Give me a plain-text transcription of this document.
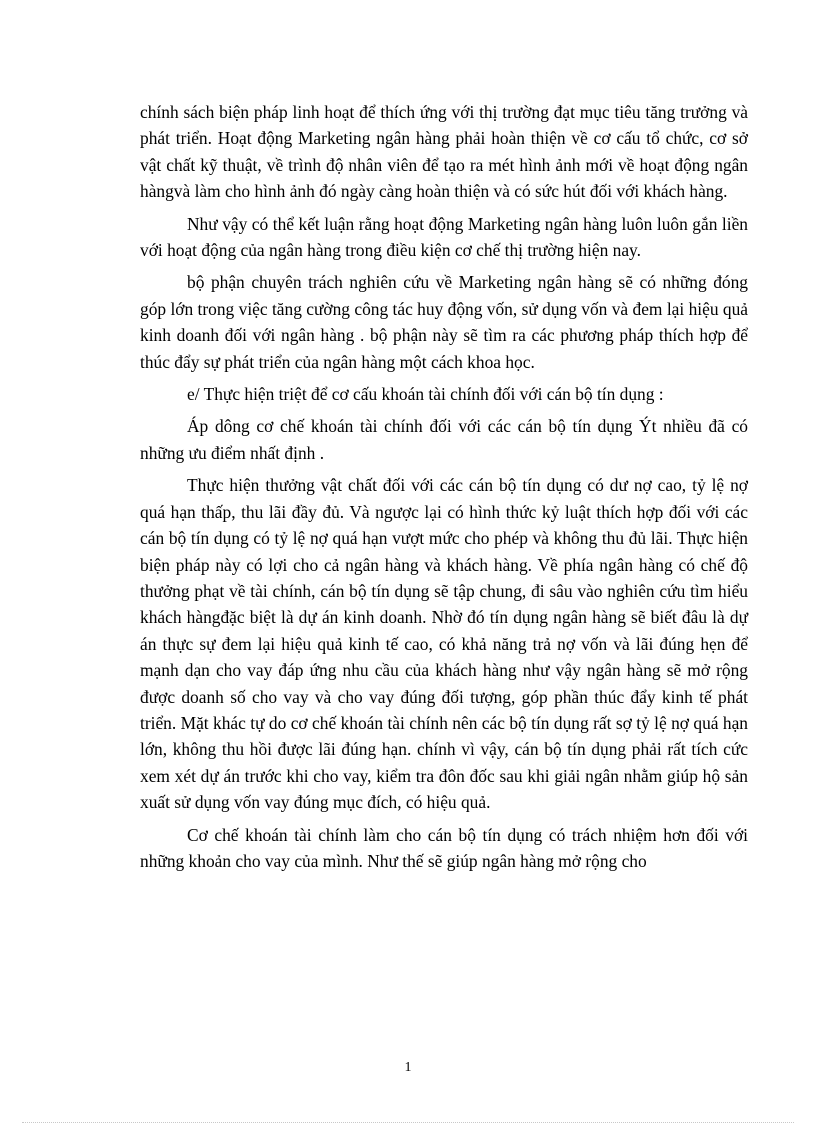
chính sách biện pháp linh hoạt để thích ứng với thị trường đạt mục tiêu tăng trưởng và phát triển. Hoạt động Marketing ngân hàng phải hoàn thiện về cơ cấu tổ chức, cơ sở vật chất kỹ thuật, về trình độ nhân viên để tạo ra mét hình ảnh mới về hoạt động ngân hàngvà làm cho hình ảnh đó ngày càng hoàn thiện và có sức hút đối với khách hàng.

Như vậy có thể kết luận rằng hoạt động Marketing ngân hàng luôn luôn gắn liền với hoạt động của ngân hàng trong điều kiện cơ chế thị trường hiện nay.

bộ phận chuyên trách nghiên cứu về Marketing ngân hàng sẽ có những đóng góp lớn trong việc tăng cường công tác huy động vốn, sử dụng vốn và đem lại hiệu quả kinh doanh đối với ngân hàng . bộ phận này sẽ tìm ra các phương pháp thích hợp để thúc đẩy sự phát triển của ngân hàng một cách khoa học.

e/ Thực hiện triệt để cơ cấu khoán tài chính đối với cán bộ tín dụng :

Áp dông cơ chế khoán tài chính đối với các cán bộ tín dụng Ýt nhiều đã có những ưu điểm nhất định .

Thực hiện thưởng vật chất đối với các cán bộ tín dụng có dư nợ cao, tỷ lệ nợ quá hạn thấp, thu lãi đầy đủ. Và ngược lại có hình thức kỷ luật thích hợp đối với các cán bộ tín dụng có tỷ lệ nợ quá hạn vượt mức cho phép và không thu đủ lãi. Thực hiện biện pháp này có lợi cho cả ngân hàng và khách hàng. Về phía ngân hàng có chế độ thưởng phạt về tài chính, cán bộ tín dụng sẽ tập chung, đi sâu vào nghiên cứu tìm hiểu khách hàngđặc biệt là dự án kinh doanh. Nhờ đó tín dụng ngân hàng sẽ biết đâu là dự án thực sự đem lại hiệu quả kinh tế cao, có khả năng trả nợ vốn và lãi đúng hẹn để mạnh dạn cho vay đáp ứng nhu cầu của khách hàng như vậy ngân hàng sẽ mở rộng được doanh số cho vay và cho vay đúng đối tượng, góp phần thúc đẩy kinh tế phát triển. Mặt khác tự do cơ chế khoán tài chính nên các bộ tín dụng rất sợ tỷ lệ nợ quá hạn lớn, không thu hồi được lãi đúng hạn. chính vì vậy, cán bộ tín dụng phải rất tích cức xem xét dự án trước khi cho vay, kiểm tra đôn đốc sau khi giải ngân nhằm giúp hộ sản xuất sử dụng vốn vay đúng mục đích, có hiệu quả.

Cơ chế khoán tài chính làm cho cán bộ tín dụng có trách nhiệm hơn đối với những khoản cho vay của mình. Như thế sẽ giúp ngân hàng mở rộng cho

1
